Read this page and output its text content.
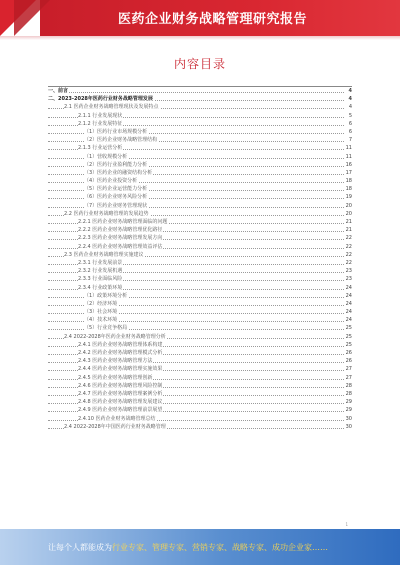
医药企业财务战略管理研究报告
内容目录
一、前言	4
二、2023-2028年医药行业财务战略管理发展	4
2.1 医药企业财务战略管理现状及发展特点	4
2.1.1 行业发展现状	5
2.1.2 行业发展特征	6
（1）医药行业市场规模分析	6
（2）医药企业财务战略管理结构	7
2.1.3 行业运营分析	11
（1）营收规模分析	11
（2）医药行业盈利能力分析	16
（3）医药企业的融资结构分析	17
（4）医药企业投资分析	18
（5）医药企业运营能力分析	18
（6）医药企业财务风险分析	19
（7）医药企业财务管理现状	20
2.2 医药行业财务战略管理的发展趋势	20
2.2.1 医药企业财务战略管理面临的问题	21
2.2.2 医药企业财务战略管理优化路径	21
2.2.3 医药企业财务战略管理发展方向	22
2.2.4 医药企业财务战略管理效益评估	22
2.3 医药企业财务战略管理实施建议	22
2.3.1 行业发展前景	22
2.3.2 行业发展机遇	23
2.3.3 行业面临风险	23
2.3.4 行业政策环境	24
（1）政策环境分析	24
（2）经济环境	24
（3）社会环境	24
（4）技术环境	24
（5）行业竞争格局	25
2.4 2022-2028年医药企业财务战略管理分析	25
2.4.1 医药企业财务战略管理体系构建	25
2.4.2 医药企业财务战略管理模式分析	26
2.4.3 医药企业财务战略管理方法	26
2.4.4 医药企业财务战略管理实施效果	27
2.4.5 医药企业财务战略管理创新	27
2.4.6 医药企业财务战略管理风险控制	28
2.4.7 医药企业财务战略管理案例分析	28
2.4.8 医药企业财务战略管理发展建议	29
2.4.9 医药企业财务战略管理前景展望	29
2.4.10 医药企业财务战略管理总结	30
2.4 2022-2028年中国医药行业财务战略管理	30
1
让每个人都能成为行业专家、管理专家、营销专家、战略专家、成功企业家……
